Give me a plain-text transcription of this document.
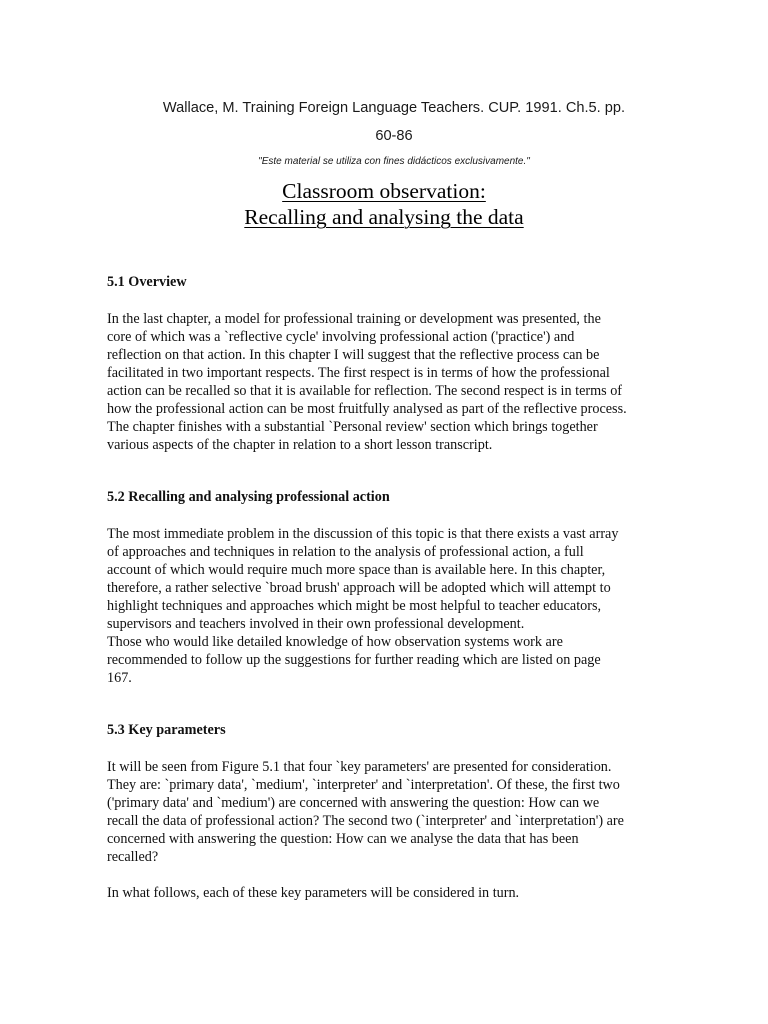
Wallace, M. Training Foreign Language Teachers. CUP. 1991. Ch.5. pp.
60-86
"Este material se utiliza con fines didácticos exclusivamente."
Classroom observation:
Recalling and analysing the data

5.1 Overview

In the last chapter, a model for professional training or development was presented, the
core of which was a `reflective cycle' involving professional action ('practice') and
reflection on that action. In this chapter I will suggest that the reflective process can be
facilitated in two important respects. The first respect is in terms of how the professional
action can be recalled so that it is available for reflection. The second respect is in terms of
how the professional action can be most fruitfully analysed as part of the reflective process.
The chapter finishes with a substantial `Personal review' section which brings together
various aspects of the chapter in relation to a short lesson transcript.

5.2 Recalling and analysing professional action

The most immediate problem in the discussion of this topic is that there exists a vast array
of approaches and techniques in relation to the analysis of professional action, a full
account of which would require much more space than is available here. In this chapter,
therefore, a rather selective `broad brush' approach will be adopted which will attempt to
highlight techniques and approaches which might be most helpful to teacher educators,
supervisors and teachers involved in their own professional development.
Those who would like detailed knowledge of how observation systems work are
recommended to follow up the suggestions for further reading which are listed on page
167.

5.3 Key parameters

It will be seen from Figure 5.1 that four `key parameters' are presented for consideration.
They are: `primary data', `medium', `interpreter' and `interpretation'. Of these, the first two
('primary data' and `medium') are concerned with answering the question: How can we
recall the data of professional action? The second two (`interpreter' and `interpretation') are
concerned with answering the question: How can we analyse the data that has been
recalled?

In what follows, each of these key parameters will be considered in turn.
